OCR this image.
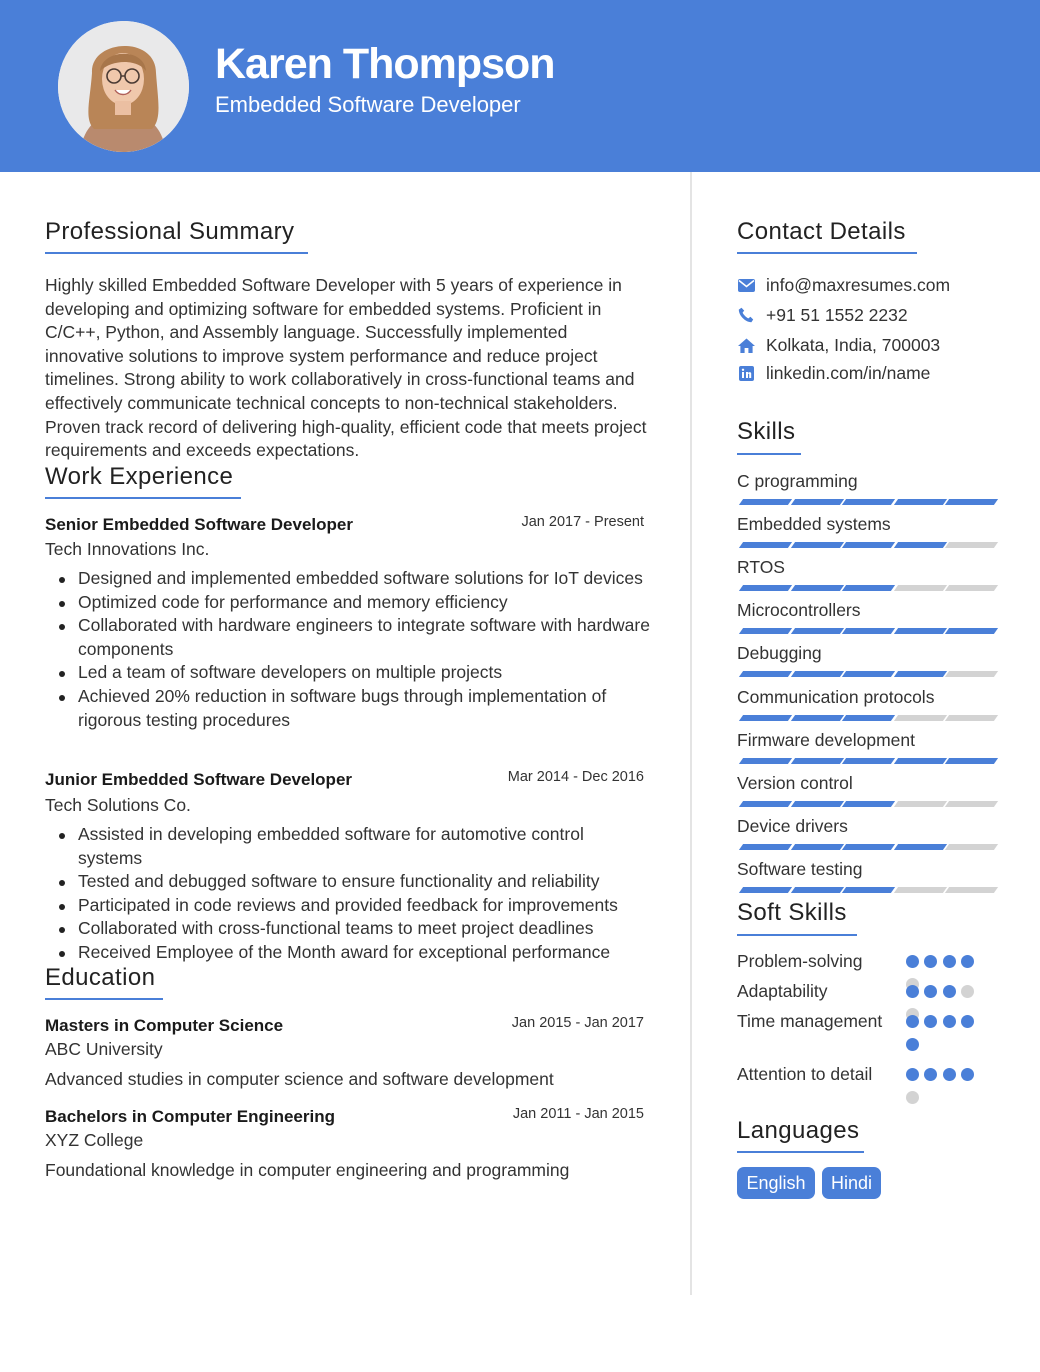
Karen Thompson
Embedded Software Developer
Professional Summary
Highly skilled Embedded Software Developer with 5 years of experience in developing and optimizing software for embedded systems. Proficient in C/C++, Python, and Assembly language. Successfully implemented innovative solutions to improve system performance and reduce project timelines. Strong ability to work collaboratively in cross-functional teams and effectively communicate technical concepts to non-technical stakeholders. Proven track record of delivering high-quality, efficient code that meets project requirements and exceeds expectations.
Work Experience
Senior Embedded Software Developer	Jan 2017 - Present
Tech Innovations Inc.
Designed and implemented embedded software solutions for IoT devices
Optimized code for performance and memory efficiency
Collaborated with hardware engineers to integrate software with hardware components
Led a team of software developers on multiple projects
Achieved 20% reduction in software bugs through implementation of rigorous testing procedures
Junior Embedded Software Developer	Mar 2014 - Dec 2016
Tech Solutions Co.
Assisted in developing embedded software for automotive control systems
Tested and debugged software to ensure functionality and reliability
Participated in code reviews and provided feedback for improvements
Collaborated with cross-functional teams to meet project deadlines
Received Employee of the Month award for exceptional performance
Education
Masters in Computer Science	Jan 2015 - Jan 2017
ABC University
Advanced studies in computer science and software development
Bachelors in Computer Engineering	Jan 2011 - Jan 2015
XYZ College
Foundational knowledge in computer engineering and programming
Contact Details
info@maxresumes.com
+91 51 1552 2232
Kolkata, India, 700003
linkedin.com/in/name
Skills
C programming
Embedded systems
RTOS
Microcontrollers
Debugging
Communication protocols
Firmware development
Version control
Device drivers
Software testing
Soft Skills
Problem-solving
Adaptability
Time management
Attention to detail
Languages
English	Hindi
